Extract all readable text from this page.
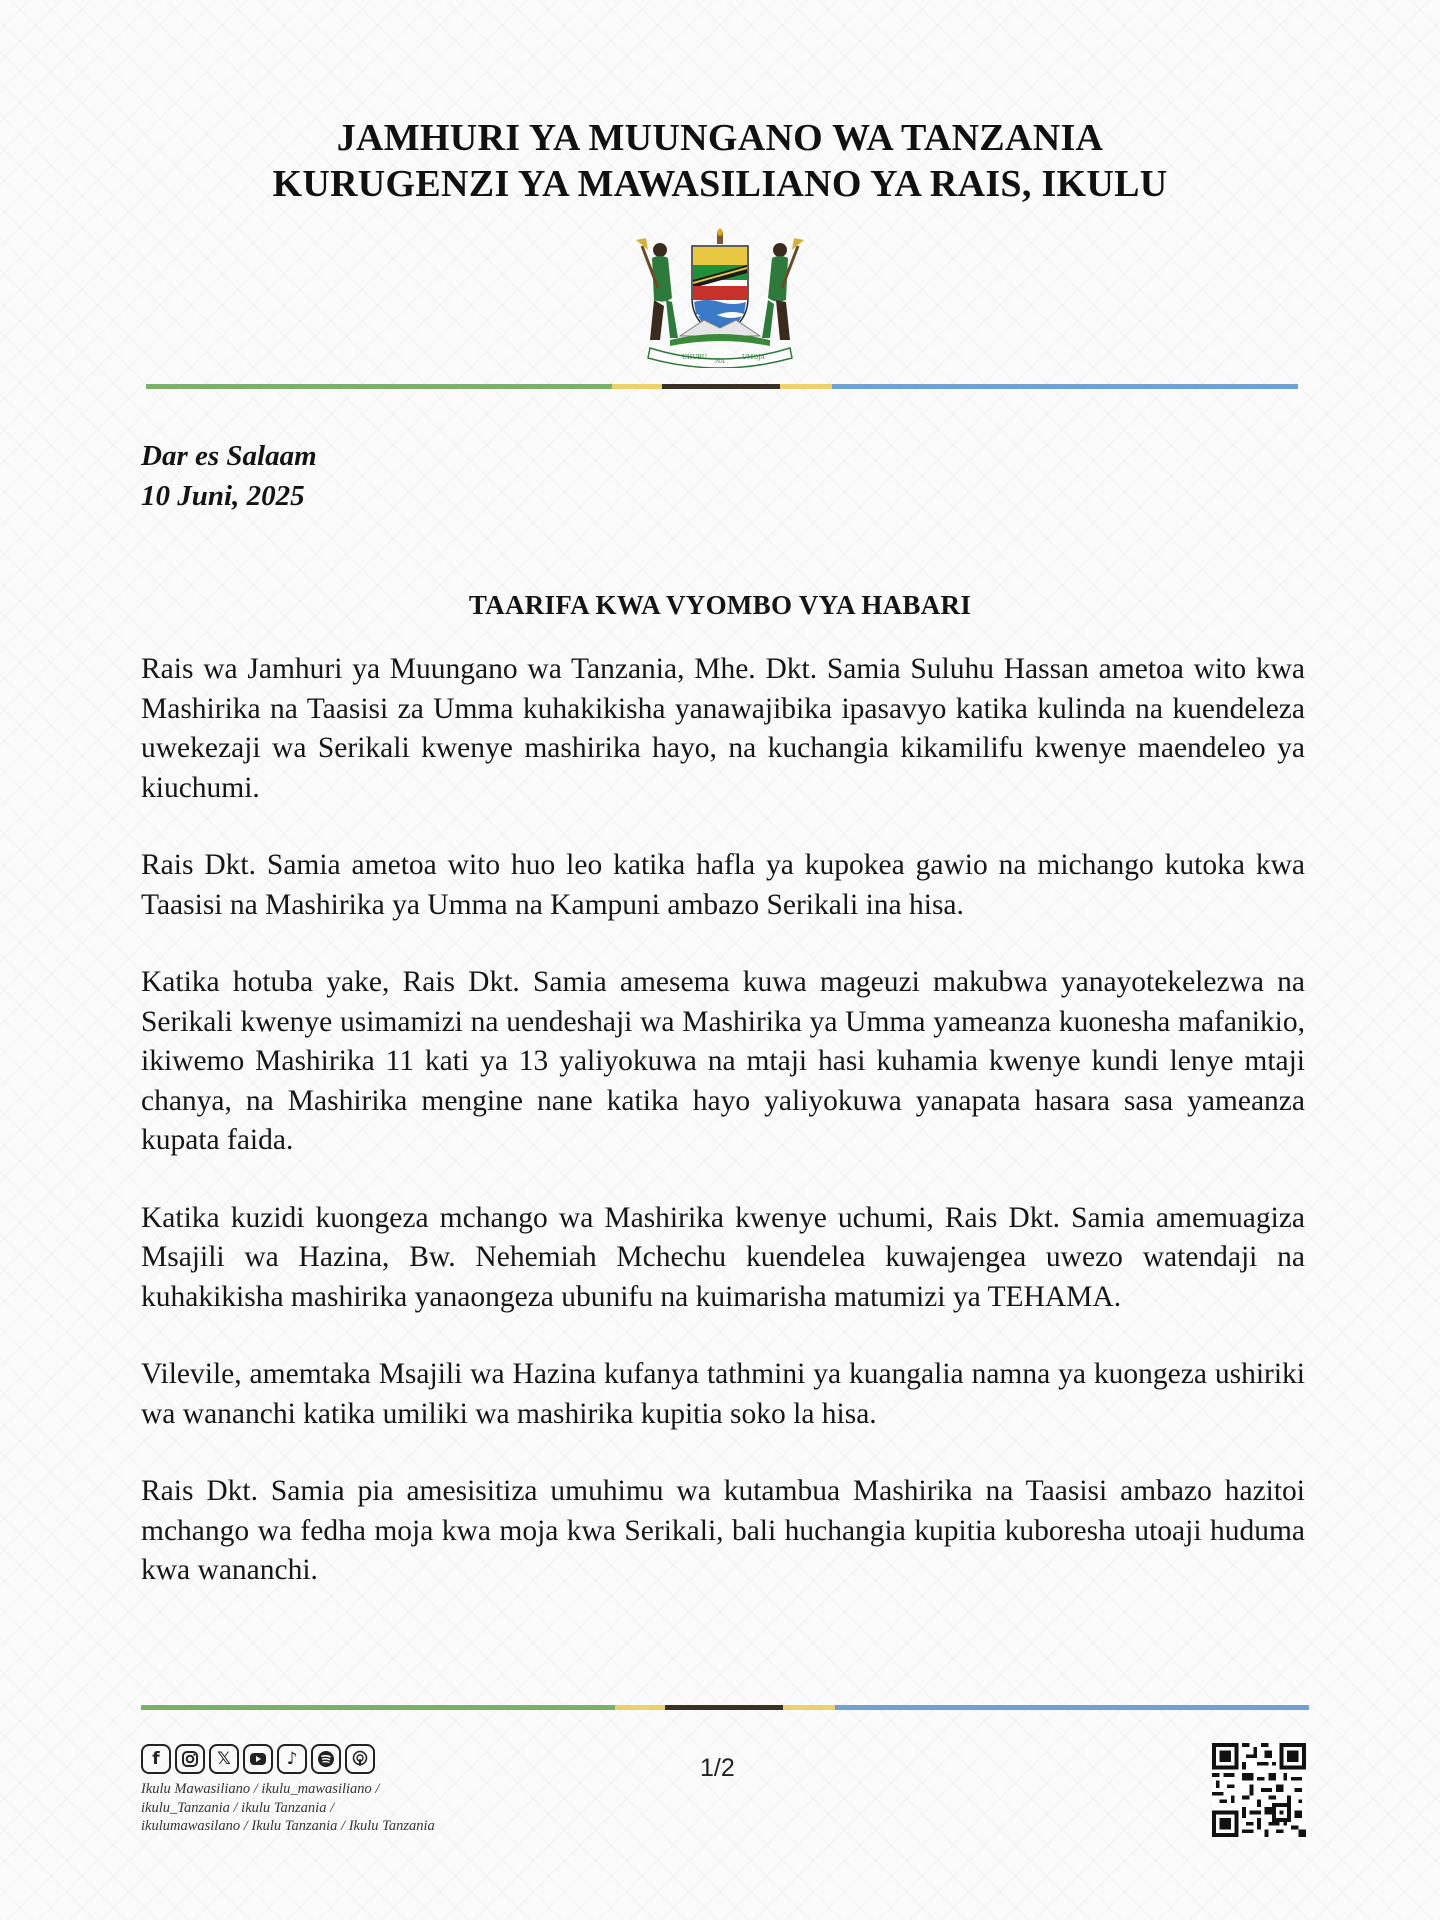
JAMHURI YA MUUNGANO WA TANZANIA
KURUGENZI YA MAWASILIANO YA RAIS, IKULU
UHURU
NA
UMOJA
Dar es Salaam
10 Juni, 2025
TAARIFA KWA VYOMBO VYA HABARI

Rais wa Jamhuri ya Muungano wa Tanzania, Mhe. Dkt. Samia Suluhu Hassan ametoa wito kwa Mashirika na Taasisi za Umma kuhakikisha yanawajibika ipasavyo katika kulinda na kuendeleza uwekezaji wa Serikali kwenye mashirika hayo, na kuchangia kikamilifu kwenye maendeleo ya kiuchumi.

Rais Dkt. Samia ametoa wito huo leo katika hafla ya kupokea gawio na michango kutoka kwa Taasisi na Mashirika ya Umma na Kampuni ambazo Serikali ina hisa.

Katika hotuba yake, Rais Dkt. Samia amesema kuwa mageuzi makubwa yanayotekelezwa na Serikali kwenye usimamizi na uendeshaji wa Mashirika ya Umma yameanza kuonesha mafanikio, ikiwemo Mashirika 11 kati ya 13 yaliyokuwa na mtaji hasi kuhamia kwenye kundi lenye mtaji chanya, na Mashirika mengine nane katika hayo yaliyokuwa yanapata hasara sasa yameanza kupata faida.

Katika kuzidi kuongeza mchango wa Mashirika kwenye uchumi, Rais Dkt. Samia amemuagiza Msajili wa Hazina, Bw. Nehemiah Mchechu kuendelea kuwajengea uwezo watendaji na kuhakikisha mashirika yanaongeza ubunifu na kuimarisha matumizi ya TEHAMA.

Vilevile, amemtaka Msajili wa Hazina kufanya tathmini ya kuangalia namna ya kuongeza ushiriki wa wananchi katika umiliki wa mashirika kupitia soko la hisa.

Rais Dkt. Samia pia amesisitiza umuhimu wa kutambua Mashirika na Taasisi ambazo hazitoi mchango wa fedha moja kwa moja kwa Serikali, bali huchangia kupitia kuboresha utoaji huduma kwa wananchi.

f	𝕏	♪
Ikulu Mawasiliano / ikulu_mawasiliano /
ikulu_Tanzania / ikulu Tanzania /
ikulumawasilano / Ikulu Tanzania / Ikulu Tanzania
1/2
